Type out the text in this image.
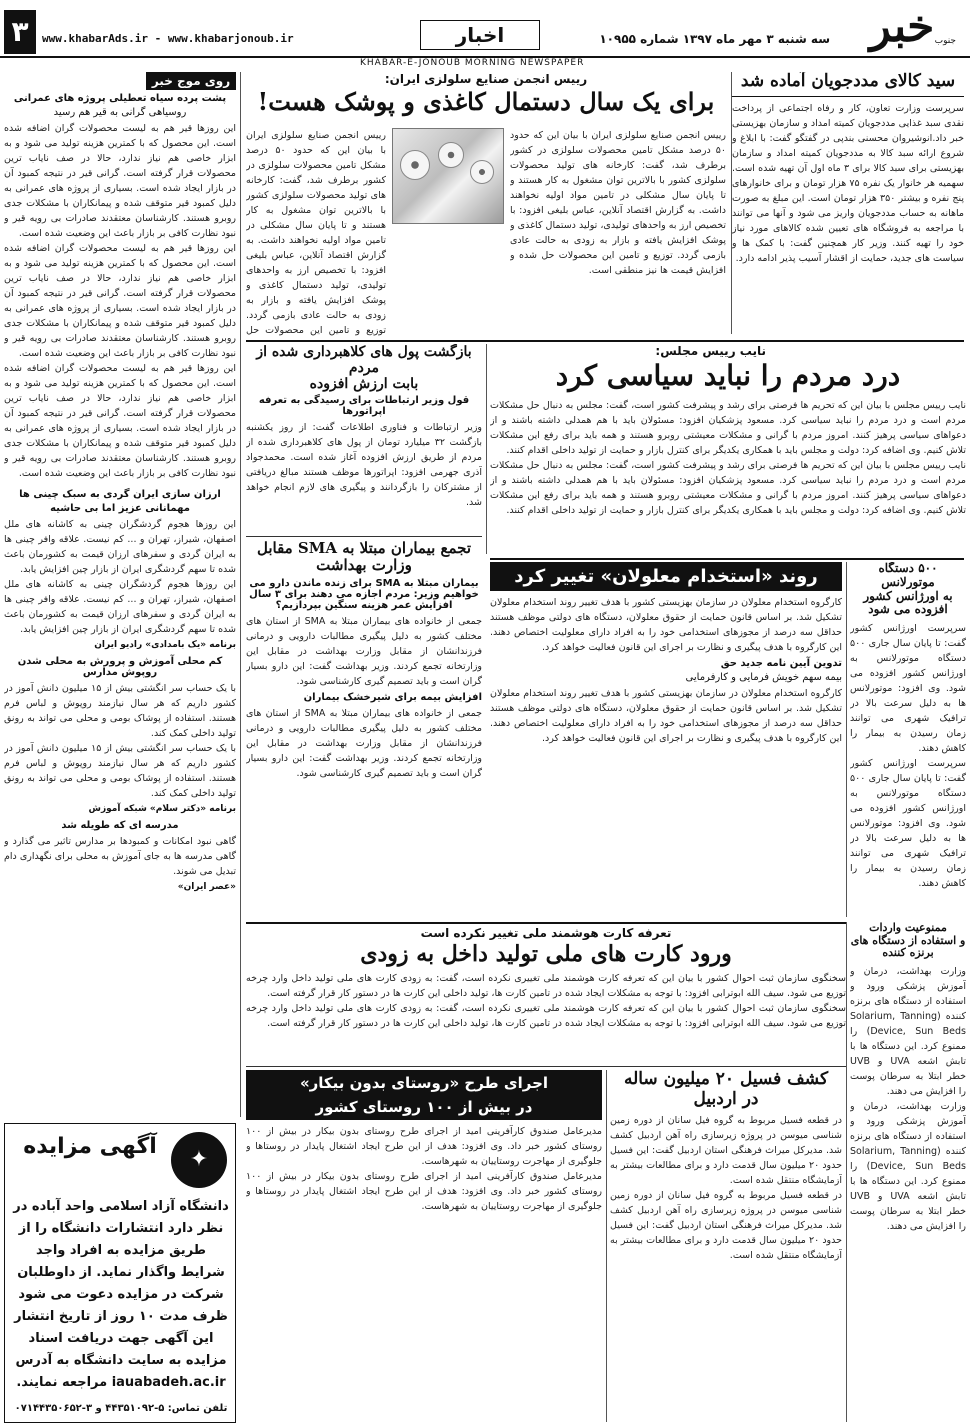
خبر جنوب
سه شنبه ۳ مهر ماه ۱۳۹۷ شماره ۱۰۹۵۵
اخبار
www.khabarAds.ir - www.khabarjonoub.ir
۳
KHABAR-E-JONOUB MORNING NEWSPAPER
سید کالای مددجویان آماده شد
سرپرست وزارت تعاون، کار و رفاه اجتماعی از پرداخت نقدی سبد غذایی مددجویان کمیته امداد و سازمان بهزیستی خبر داد.انوشیروان محسنی بندپی در گفتگو گفت: با ابلاغ و شروع ارائه سبد کالا به مددجویان کمیته امداد و سازمان بهزیستی برای سبد کالا برای ۳ ماه اول آن تهیه شده است. سهمیه هر خانوار یک نفره ۷۵ هزار تومان و برای خانوارهای پنج نفره و بیشتر ۳۵۰ هزار تومان است. این مبلغ به صورت ماهانه به حساب مددجویان واریز می شود و آنها می توانند با مراجعه به فروشگاه های تعیین شده کالاهای مورد نیاز خود را تهیه کنند. وزیر کار همچنین گفت: با کمک ها و سیاست های جدید، حمایت از اقشار آسیب پذیر ادامه دارد.
رییس انجمن صنایع سلولزی ایران:
برای یک سال دستمال کاغذی و پوشک هست!
رییس انجمن صنایع سلولزی ایران با بیان این که حدود ۵۰ درصد مشکل تامین محصولات سلولزی در کشور برطرف شد، گفت: کارخانه های تولید محصولات سلولزی کشور با بالاترین توان مشغول به کار هستند و تا پایان سال مشکلی در تامین مواد اولیه نخواهند داشت. به گزارش اقتصاد آنلاین، عباس بلیغی افزود: با تخصیص ارز به واحدهای تولیدی، تولید دستمال کاغذی و پوشک افزایش یافته و بازار به زودی به حالت عادی بازمی گردد. توزیع و تامین این محصولات حل شده و افزایش قیمت ها نیز منطقی است.
رییس انجمن صنایع سلولزی ایران با بیان این که حدود ۵۰ درصد مشکل تامین محصولات سلولزی در کشور برطرف شد، گفت: کارخانه های تولید محصولات سلولزی کشور با بالاترین توان مشغول به کار هستند و تا پایان سال مشکلی در تامین مواد اولیه نخواهند داشت. به گزارش اقتصاد آنلاین، عباس بلیغی افزود: با تخصیص ارز به واحدهای تولیدی، تولید دستمال کاغذی و پوشک افزایش یافته و بازار به زودی به حالت عادی بازمی گردد. توزیع و تامین این محصولات حل
روی موج خبر
پشت پرده سیاه تعطیلی پروژه های عمرانی
روسیاهی گرانی به قیر هم رسید
این روزها قیر هم به لیست محصولات گران اضافه شده است. این محصول که با کمترین هزینه تولید می شود و به ابزار خاصی هم نیاز ندارد، حالا در صف نایاب ترین محصولات قرار گرفته است. گرانی قیر در نتیجه کمبود آن در بازار ایجاد شده است. بسیاری از پروژه های عمرانی به دلیل کمبود قیر متوقف شده و پیمانکاران با مشکلات جدی روبرو هستند. کارشناسان معتقدند صادرات بی رویه قیر و نبود نظارت کافی بر بازار باعث این وضعیت شده است.
این روزها قیر هم به لیست محصولات گران اضافه شده است. این محصول که با کمترین هزینه تولید می شود و به ابزار خاصی هم نیاز ندارد، حالا در صف نایاب ترین محصولات قرار گرفته است. گرانی قیر در نتیجه کمبود آن در بازار ایجاد شده است. بسیاری از پروژه های عمرانی به دلیل کمبود قیر متوقف شده و پیمانکاران با مشکلات جدی روبرو هستند. کارشناسان معتقدند صادرات بی رویه قیر و نبود نظارت کافی بر بازار باعث این وضعیت شده است.
این روزها قیر هم به لیست محصولات گران اضافه شده است. این محصول که با کمترین هزینه تولید می شود و به ابزار خاصی هم نیاز ندارد، حالا در صف نایاب ترین محصولات قرار گرفته است. گرانی قیر در نتیجه کمبود آن در بازار ایجاد شده است. بسیاری از پروژه های عمرانی به دلیل کمبود قیر متوقف شده و پیمانکاران با مشکلات جدی روبرو هستند. کارشناسان معتقدند صادرات بی رویه قیر و نبود نظارت کافی بر بازار باعث این وضعیت شده است.
ارزان سازی ایران گردی به سبک چینی ها
مهمانانی عزیز اما بی حاشیه
این روزها هجوم گردشگران چینی به کاشانه های ملل اصفهان، شیراز، تهران و ... کم نیست. علاقه وافر چینی ها به ایران گردی و سفرهای ارزان قیمت به کشورمان باعث شده تا سهم گردشگری ایران از بازار چین افزایش یابد.
این روزها هجوم گردشگران چینی به کاشانه های ملل اصفهان، شیراز، تهران و ... کم نیست. علاقه وافر چینی ها به ایران گردی و سفرهای ارزان قیمت به کشورمان باعث شده تا سهم گردشگری ایران از بازار چین افزایش یابد.
برنامه «یک بامدادی» رادیو ایران
کم محلی آموزش و پرورش به محلی شدن روپوش مدارس
با یک حساب سر انگشتی بیش از ۱۵ میلیون دانش آموز در کشور داریم که هر سال نیازمند روپوش و لباس فرم هستند. استفاده از پوشاک بومی و محلی می تواند به رونق تولید داخلی کمک کند.
با یک حساب سر انگشتی بیش از ۱۵ میلیون دانش آموز در کشور داریم که هر سال نیازمند روپوش و لباس فرم هستند. استفاده از پوشاک بومی و محلی می تواند به رونق تولید داخلی کمک کند.
برنامه «دکتر سلام» شبکه آموزش
مدرسه ای که طویله شد
گاهی نبود امکانات و کمبودها بر مدارس تاثیر می گذارد و گاهی مدرسه ها به جای آموزش به محلی برای نگهداری دام تبدیل می شوند.
«عصر ایران»
نایب رییس مجلس:
درد مردم را نباید سیاسی کرد
نایب رییس مجلس با بیان این که تحریم ها فرصتی برای رشد و پیشرفت کشور است، گفت: مجلس به دنبال حل مشکلات مردم است و درد مردم را نباید سیاسی کرد. مسعود پزشکیان افزود: مسئولان باید با هم همدلی داشته باشند و از دعواهای سیاسی پرهیز کنند. امروز مردم با گرانی و مشکلات معیشتی روبرو هستند و همه باید برای رفع این مشکلات تلاش کنیم. وی اضافه کرد: دولت و مجلس باید با همکاری یکدیگر برای کنترل بازار و حمایت از تولید داخلی اقدام کنند.
نایب رییس مجلس با بیان این که تحریم ها فرصتی برای رشد و پیشرفت کشور است، گفت: مجلس به دنبال حل مشکلات مردم است و درد مردم را نباید سیاسی کرد. مسعود پزشکیان افزود: مسئولان باید با هم همدلی داشته باشند و از دعواهای سیاسی پرهیز کنند. امروز مردم با گرانی و مشکلات معیشتی روبرو هستند و همه باید برای رفع این مشکلات تلاش کنیم. وی اضافه کرد: دولت و مجلس باید با همکاری یکدیگر برای کنترل بازار و حمایت از تولید داخلی اقدام کنند.
بازگشت پول های کلاهبرداری شده از مردم
بابت ارزش افزوده
قول وزیر ارتباطات برای رسیدگی به تعرفه اپراتورها
وزیر ارتباطات و فناوری اطلاعات گفت: از روز یکشنبه بازگشت ۳۲ میلیارد تومان از پول های کلاهبرداری شده از مردم از طریق ارزش افزوده آغاز شده است. محمدجواد آذری جهرمی افزود: اپراتورها موظف هستند مبالغ دریافتی از مشترکان را بازگردانند و پیگیری های لازم انجام خواهد شد.
تجمع بیماران مبتلا به SMA مقابل
وزارت بهداشت
بیماران مبتلا به SMA برای زنده ماندن دارو می خواهیم وزیر: مردم اجازه می دهند برای ۳ سال افزایش عمر هزینه سنگین بپردازیم؟
جمعی از خانواده های بیماران مبتلا به SMA از استان های مختلف کشور به دلیل پیگیری مطالبات دارویی و درمانی فرزندانشان از مقابل وزارت بهداشت در مقابل این وزارتخانه تجمع کردند. وزیر بهداشت گفت: این دارو بسیار گران است و باید تصمیم گیری کارشناسی شود.
افزایش بیمه برای شیرخشک بیماران
جمعی از خانواده های بیماران مبتلا به SMA از استان های مختلف کشور به دلیل پیگیری مطالبات دارویی و درمانی فرزندانشان از مقابل وزارت بهداشت در مقابل این وزارتخانه تجمع کردند. وزیر بهداشت گفت: این دارو بسیار گران است و باید تصمیم گیری کارشناسی شود.
روند «استخدام معلولان» تغییر کرد
کارگروه استخدام معلولان در سازمان بهزیستی کشور با هدف تغییر روند استخدام معلولان تشکیل شد. بر اساس قانون حمایت از حقوق معلولان، دستگاه های دولتی موظف هستند حداقل سه درصد از مجوزهای استخدامی خود را به افراد دارای معلولیت اختصاص دهند. این کارگروه با هدف پیگیری و نظارت بر اجرای این قانون فعالیت خواهد کرد.
تدوین آیین نامه جدید حق
بیمه سهم خویش فرمایی و کارفرمایی
کارگروه استخدام معلولان در سازمان بهزیستی کشور با هدف تغییر روند استخدام معلولان تشکیل شد. بر اساس قانون حمایت از حقوق معلولان، دستگاه های دولتی موظف هستند حداقل سه درصد از مجوزهای استخدامی خود را به افراد دارای معلولیت اختصاص دهند. این کارگروه با هدف پیگیری و نظارت بر اجرای این قانون فعالیت خواهد کرد.
۵۰۰ دستگاه موتورلانس
به اورژانس کشور
افزوده می شود
سرپرست اورژانس کشور گفت: تا پایان سال جاری ۵۰۰ دستگاه موتورلانس به اورژانس کشور افزوده می شود. وی افزود: موتورلانس ها به دلیل سرعت بالا در ترافیک شهری می توانند زمان رسیدن به بیمار را کاهش دهند.
سرپرست اورژانس کشور گفت: تا پایان سال جاری ۵۰۰ دستگاه موتورلانس به اورژانس کشور افزوده می شود. وی افزود: موتورلانس ها به دلیل سرعت بالا در ترافیک شهری می توانند زمان رسیدن به بیمار را کاهش دهند.
تعرفه کارت هوشمند ملی تغییر نکرده است
ورود کارت های ملی تولید داخل به زودی
سخنگوی سازمان ثبت احوال کشور با بیان این که تعرفه کارت هوشمند ملی تغییری نکرده است، گفت: به زودی کارت های ملی تولید داخل وارد چرخه توزیع می شود. سیف الله ابوترابی افزود: با توجه به مشکلات ایجاد شده در تامین کارت ها، تولید داخلی این کارت ها در دستور کار قرار گرفته است.
سخنگوی سازمان ثبت احوال کشور با بیان این که تعرفه کارت هوشمند ملی تغییری نکرده است، گفت: به زودی کارت های ملی تولید داخل وارد چرخه توزیع می شود. سیف الله ابوترابی افزود: با توجه به مشکلات ایجاد شده در تامین کارت ها، تولید داخلی این کارت ها در دستور کار قرار گرفته است.
ممنوعیت واردات
و استفاده از دستگاه های
برنزه کننده
وزارت بهداشت، درمان و آموزش پزشکی ورود و استفاده از دستگاه های برنزه کننده (Solarium, Tanning Device, Sun Beds) را ممنوع کرد. این دستگاه ها با تابش اشعه UVA و UVB خطر ابتلا به سرطان پوست را افزایش می دهند.
وزارت بهداشت، درمان و آموزش پزشکی ورود و استفاده از دستگاه های برنزه کننده (Solarium, Tanning Device, Sun Beds) را ممنوع کرد. این دستگاه ها با تابش اشعه UVA و UVB خطر ابتلا به سرطان پوست را افزایش می دهند.
کشف فسیل ۲۰ میلیون ساله
در اردبیل
در قطعه فسیل مربوط به گروه فیل سانان از دوره زمین شناسی میوسن در پروژه زیرسازی راه آهن اردبیل کشف شد. مدیرکل میراث فرهنگی استان اردبیل گفت: این فسیل حدود ۲۰ میلیون سال قدمت دارد و برای مطالعات بیشتر به آزمایشگاه منتقل شده است.
در قطعه فسیل مربوط به گروه فیل سانان از دوره زمین شناسی میوسن در پروژه زیرسازی راه آهن اردبیل کشف شد. مدیرکل میراث فرهنگی استان اردبیل گفت: این فسیل حدود ۲۰ میلیون سال قدمت دارد و برای مطالعات بیشتر به آزمایشگاه منتقل شده است.
اجرای طرح «روستای بدون بیکار»
در بیش از ۱۰۰ روستای کشور
مدیرعامل صندوق کارآفرینی امید از اجرای طرح روستای بدون بیکار در بیش از ۱۰۰ روستای کشور خبر داد. وی افزود: هدف از این طرح ایجاد اشتغال پایدار در روستاها و جلوگیری از مهاجرت روستاییان به شهرهاست.
مدیرعامل صندوق کارآفرینی امید از اجرای طرح روستای بدون بیکار در بیش از ۱۰۰ روستای کشور خبر داد. وی افزود: هدف از این طرح ایجاد اشتغال پایدار در روستاها و جلوگیری از مهاجرت روستاییان به شهرهاست.
✦
آگهی مزایده
دانشگاه آزاد اسلامی واحد آباده در نظر دارد انتشارات دانشگاه را از طریق مزایده به افراد واجد شرایط واگذار نماید. از داوطلبان شرکت در مزایده دعوت می شود ظرف مدت ۱۰ روز از تاریخ انتشار این آگهی جهت دریافت اسناد مزایده به سایت دانشگاه به آدرس iauabadeh.ac.ir مراجعه نمایند.
تلفن تماس: ۵-۴۴۳۵۱۰۹۲ و ۳-۰۷۱۴۴۳۵۰۶۵۲
